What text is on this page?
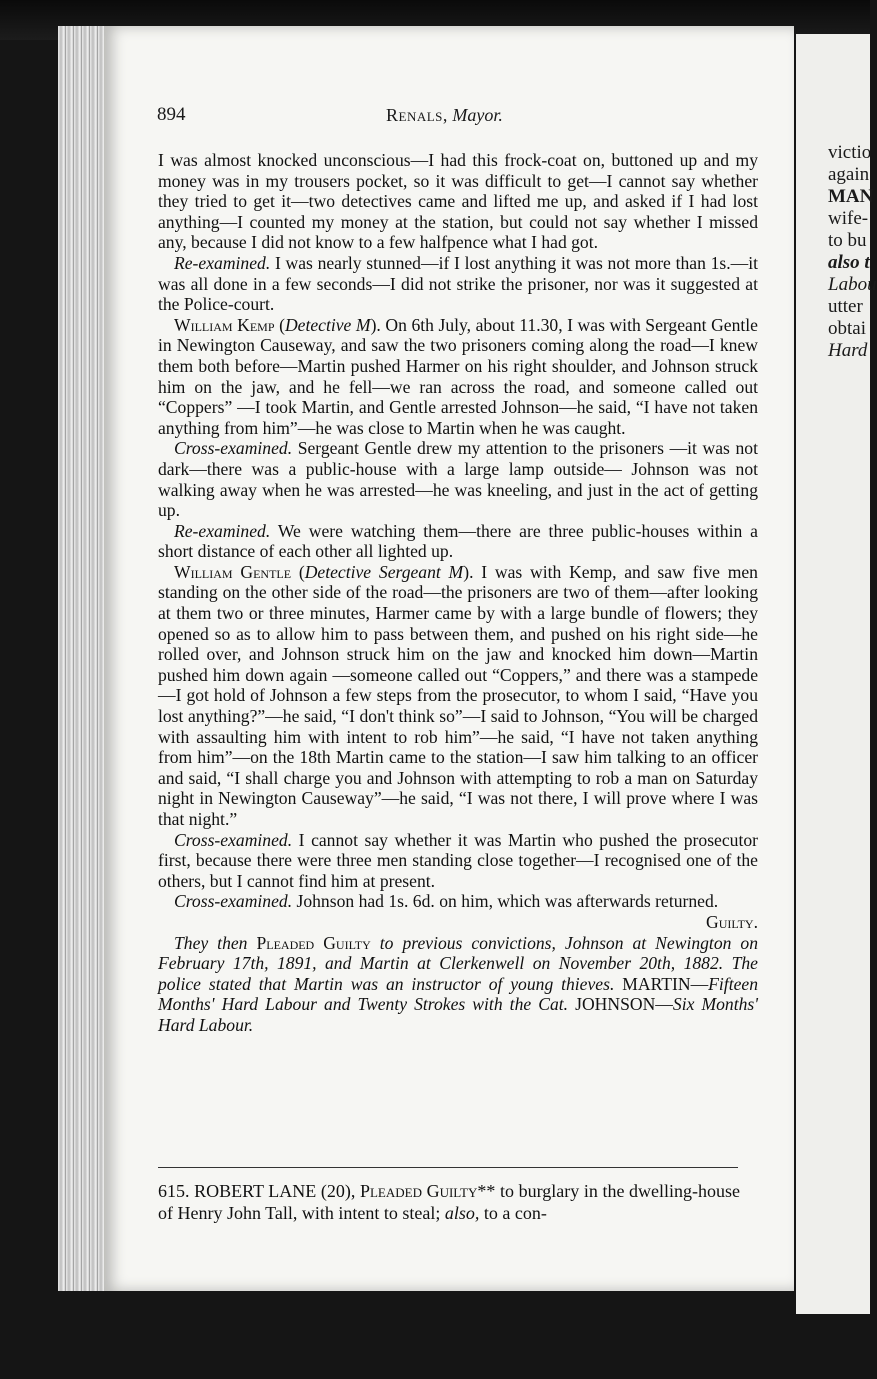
victio
again
MAN
wife-
to bu
also t
Labou
utter
obtai
Hard
894	Renals, Mayor.

I was almost knocked unconscious—I had this frock-coat on, buttoned up and my money was in my trousers pocket, so it was difficult to get—I cannot say whether they tried to get it—two detectives came and lifted me up, and asked if I had lost anything—I counted my money at the station, but could not say whether I missed any, because I did not know to a few halfpence what I had got.

Re-examined. I was nearly stunned—if I lost anything it was not more than 1s.—it was all done in a few seconds—I did not strike the prisoner, nor was it suggested at the Police-court.

William Kemp (Detective M). On 6th July, about 11.30, I was with Sergeant Gentle in Newington Causeway, and saw the two prisoners coming along the road—I knew them both before—Martin pushed Harmer on his right shoulder, and Johnson struck him on the jaw, and he fell—we ran across the road, and someone called out “Coppers” —I took Martin, and Gentle arrested Johnson—he said, “I have not taken anything from him”—he was close to Martin when he was caught.

Cross-examined. Sergeant Gentle drew my attention to the prisoners —it was not dark—there was a public-house with a large lamp outside— Johnson was not walking away when he was arrested—he was kneeling, and just in the act of getting up.

Re-examined. We were watching them—there are three public-houses within a short distance of each other all lighted up.

William Gentle (Detective Sergeant M). I was with Kemp, and saw five men standing on the other side of the road—the prisoners are two of them—after looking at them two or three minutes, Harmer came by with a large bundle of flowers; they opened so as to allow him to pass between them, and pushed on his right side—he rolled over, and Johnson struck him on the jaw and knocked him down—Martin pushed him down again —someone called out “Coppers,” and there was a stampede—I got hold of Johnson a few steps from the prosecutor, to whom I said, “Have you lost anything?”—he said, “I don't think so”—I said to Johnson, “You will be charged with assaulting him with intent to rob him”—he said, “I have not taken anything from him”—on the 18th Martin came to the station—I saw him talking to an officer and said, “I shall charge you and Johnson with attempting to rob a man on Saturday night in Newington Causeway”—he said, “I was not there, I will prove where I was that night.”

Cross-examined. I cannot say whether it was Martin who pushed the prosecutor first, because there were three men standing close together—I recognised one of the others, but I cannot find him at present.

Cross-examined. Johnson had 1s. 6d. on him, which was afterwards returned.

Guilty.

They then Pleaded Guilty to previous convictions, Johnson at Newington on February 17th, 1891, and Martin at Clerkenwell on November 20th, 1882. The police stated that Martin was an instructor of young thieves. MARTIN—Fifteen Months' Hard Labour and Twenty Strokes with the Cat. JOHNSON—Six Months' Hard Labour.

615. ROBERT LANE (20), Pleaded Guilty** to burglary in the dwelling-house of Henry John Tall, with intent to steal; also, to a con-
